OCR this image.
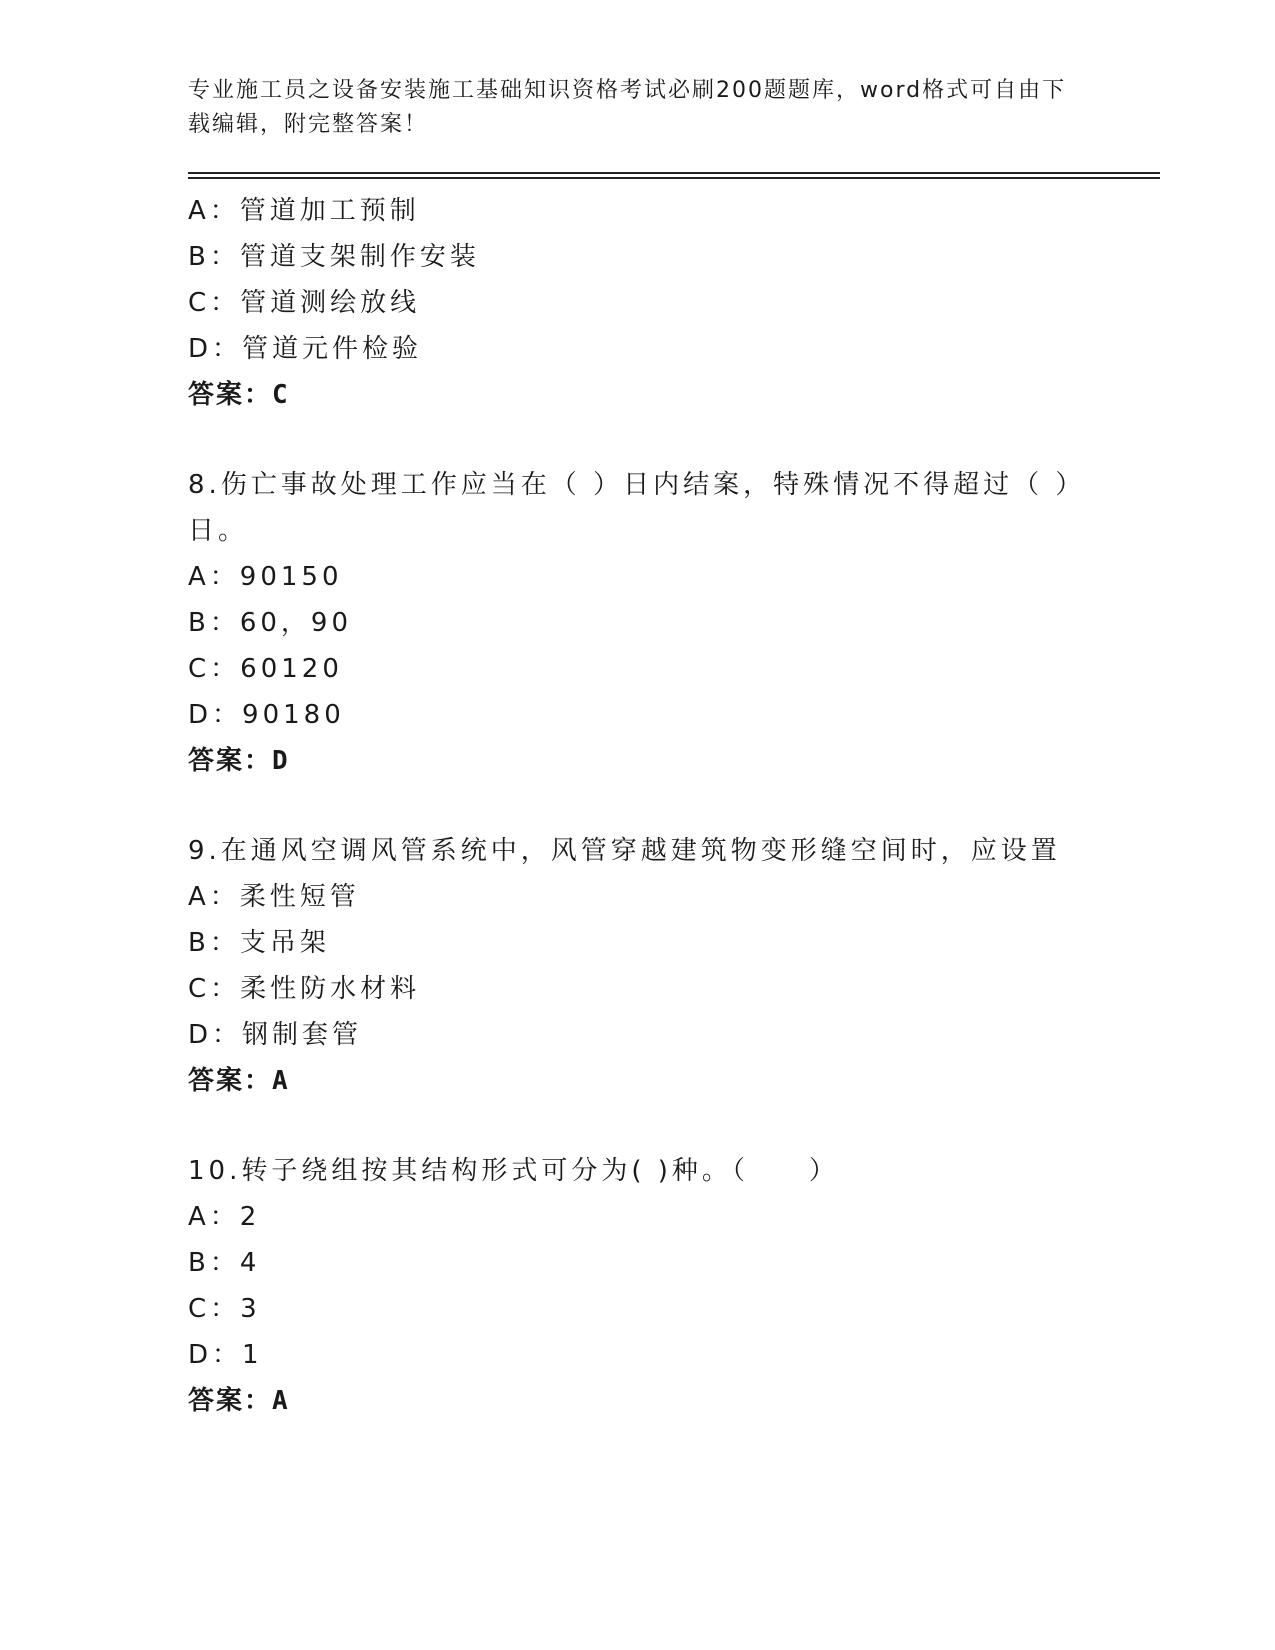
专业施工员之设备安装施工基础知识资格考试必刷200题题库，word格式可自由下载编辑，附完整答案！
A：管道加工预制
B：管道支架制作安装
C：管道测绘放线
D：管道元件检验
答案：C
8.伤亡事故处理工作应当在（ ）日内结案，特殊情况不得超过（ ）日。
A：90150
B：60，90
C：60120
D：90180
答案：D
9.在通风空调风管系统中，风管穿越建筑物变形缝空间时，应设置
A：柔性短管
B：支吊架
C：柔性防水材料
D：钢制套管
答案：A
10.转子绕组按其结构形式可分为( )种。（　　）
A：2
B：4
C：3
D：1
答案：A
